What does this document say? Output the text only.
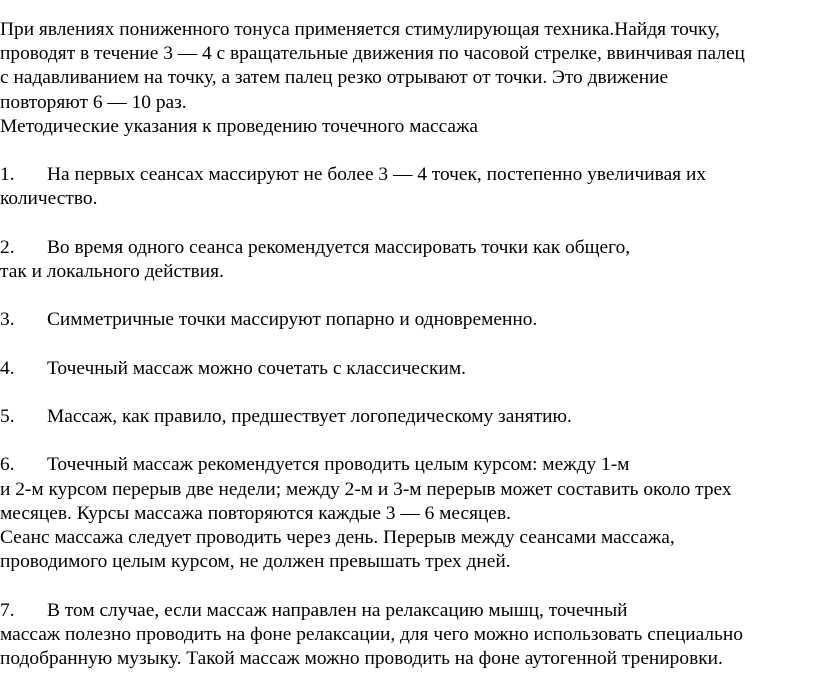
При явлениях пониженного тонуса применяется стимулирующая техника.Найдя точку,
проводят в течение 3 — 4 с вращательные движения по часовой стрелке, ввинчивая палец
с надавливанием на точку, а затем палец резко отрывают от точки. Это движение
повторяют 6 — 10 раз.
Методические указания к проведению точечного массажа
1. На первых сеансах массируют не более 3 — 4 точек, постепенно увеличивая их
количество.
2. Во время одного сеанса рекомендуется массировать точки как общего,
так и локального действия.
3. Симметричные точки массируют попарно и одновременно.
4. Точечный массаж можно сочетать с классическим.
5. Массаж, как правило, предшествует логопедическому занятию.
6. Точечный массаж рекомендуется проводить целым курсом: между 1-м
и 2-м курсом перерыв две недели; между 2-м и 3-м перерыв может составить около трех
месяцев. Курсы массажа повторяются каждые 3 — 6 месяцев.
Сеанс массажа следует проводить через день. Перерыв между сеансами массажа,
проводимого целым курсом, не должен превышать трех дней.
7. В том случае, если массаж направлен на релаксацию мышц, точечный
массаж полезно проводить на фоне релаксации, для чего можно использовать специально
подобранную музыку. Такой массаж можно проводить на фоне аутогенной тренировки.
